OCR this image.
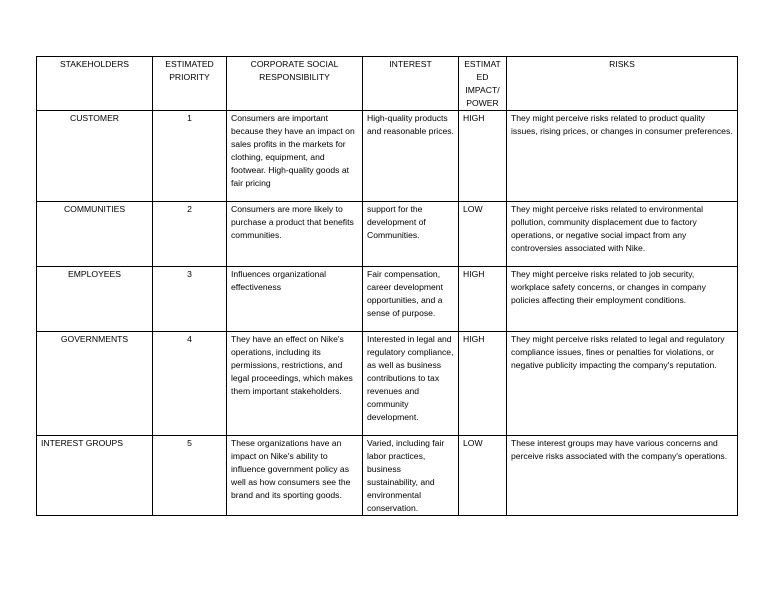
STAKEHOLDERS	ESTIMATED PRIORITY	CORPORATE SOCIAL RESPONSIBILITY	INTEREST	ESTIMAT
ED
IMPACT/
POWER	RISKS
CUSTOMER	1	Consumers are important because they have an impact on sales profits in the markets for clothing, equipment, and footwear. High-quality goods at fair pricing	High-quality products and reasonable prices.	HIGH	They might perceive risks related to product quality issues, rising prices, or changes in consumer preferences.
COMMUNITIES	2	Consumers are more likely to purchase a product that benefits communities.	support for the development of Communities.	LOW	They might perceive risks related to environmental pollution, community displacement due to factory operations, or negative social impact from any controversies associated with Nike.
EMPLOYEES	3	Influences organizational effectiveness	Fair compensation, career development opportunities, and a sense of purpose.	HIGH	They might perceive risks related to job security, workplace safety concerns, or changes in company policies affecting their employment conditions.
GOVERNMENTS	4	They have an effect on Nike's operations, including its permissions, restrictions, and legal proceedings, which makes them important stakeholders.	Interested in legal and regulatory compliance, as well as business contributions to tax revenues and community development.	HIGH	They might perceive risks related to legal and regulatory compliance issues, fines or penalties for violations, or negative publicity impacting the company's reputation.
INTEREST GROUPS	5	These organizations have an impact on Nike's ability to influence government policy as well as how consumers see the brand and its sporting goods.	Varied, including fair labor practices, business sustainability, and environmental conservation.	LOW	These interest groups may have various concerns and perceive risks associated with the company's operations.
